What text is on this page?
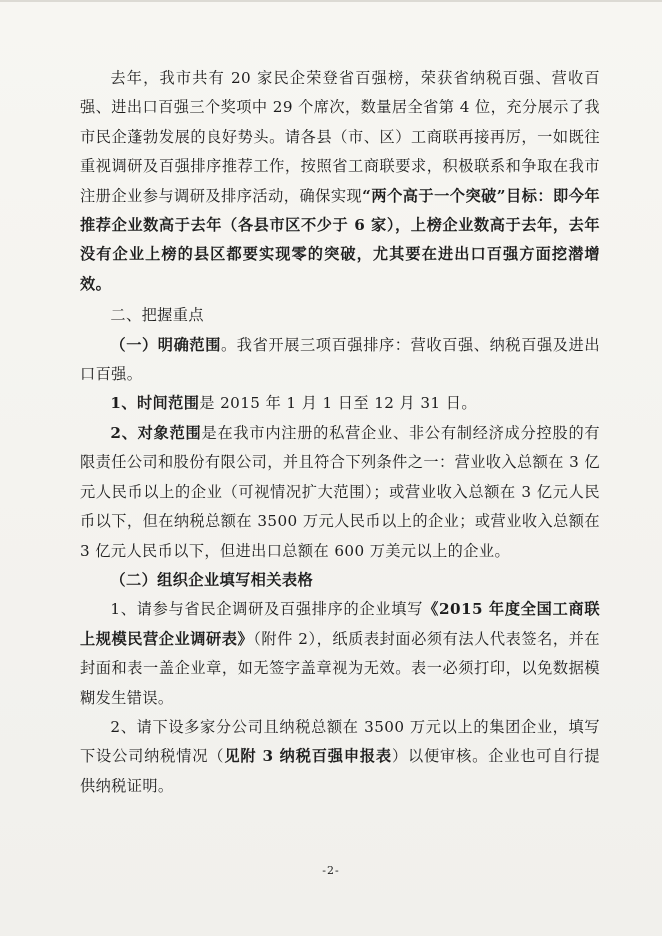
去年，我市共有 20 家民企荣登省百强榜，荣获省纳税百强、营收百强、进出口百强三个奖项中 29 个席次，数量居全省第 4 位，充分展示了我市民企蓬勃发展的良好势头。请各县（市、区）工商联再接再厉，一如既往重视调研及百强排序推荐工作，按照省工商联要求，积极联系和争取在我市注册企业参与调研及排序活动，确保实现“两个高于一个突破”目标：即今年推荐企业数高于去年（各县市区不少于 6 家），上榜企业数高于去年，去年没有企业上榜的县区都要实现零的突破，尤其要在进出口百强方面挖潜增效。

二、把握重点

（一）明确范围。我省开展三项百强排序：营收百强、纳税百强及进出口百强。

1、时间范围是 2015 年 1 月 1 日至 12 月 31 日。

2、对象范围是在我市内注册的私营企业、非公有制经济成分控股的有限责任公司和股份有限公司，并且符合下列条件之一：营业收入总额在 3 亿元人民币以上的企业（可视情况扩大范围）；或营业收入总额在 3 亿元人民币以下，但在纳税总额在 3500 万元人民币以上的企业；或营业收入总额在 3 亿元人民币以下，但进出口总额在 600 万美元以上的企业。

（二）组织企业填写相关表格

1、请参与省民企调研及百强排序的企业填写《2015 年度全国工商联上规模民营企业调研表》（附件 2），纸质表封面必须有法人代表签名，并在封面和表一盖企业章，如无签字盖章视为无效。表一必须打印，以免数据模糊发生错误。

2、请下设多家分公司且纳税总额在 3500 万元以上的集团企业，填写下设公司纳税情况（见附 3 纳税百强申报表）以便审核。企业也可自行提供纳税证明。

-2-
